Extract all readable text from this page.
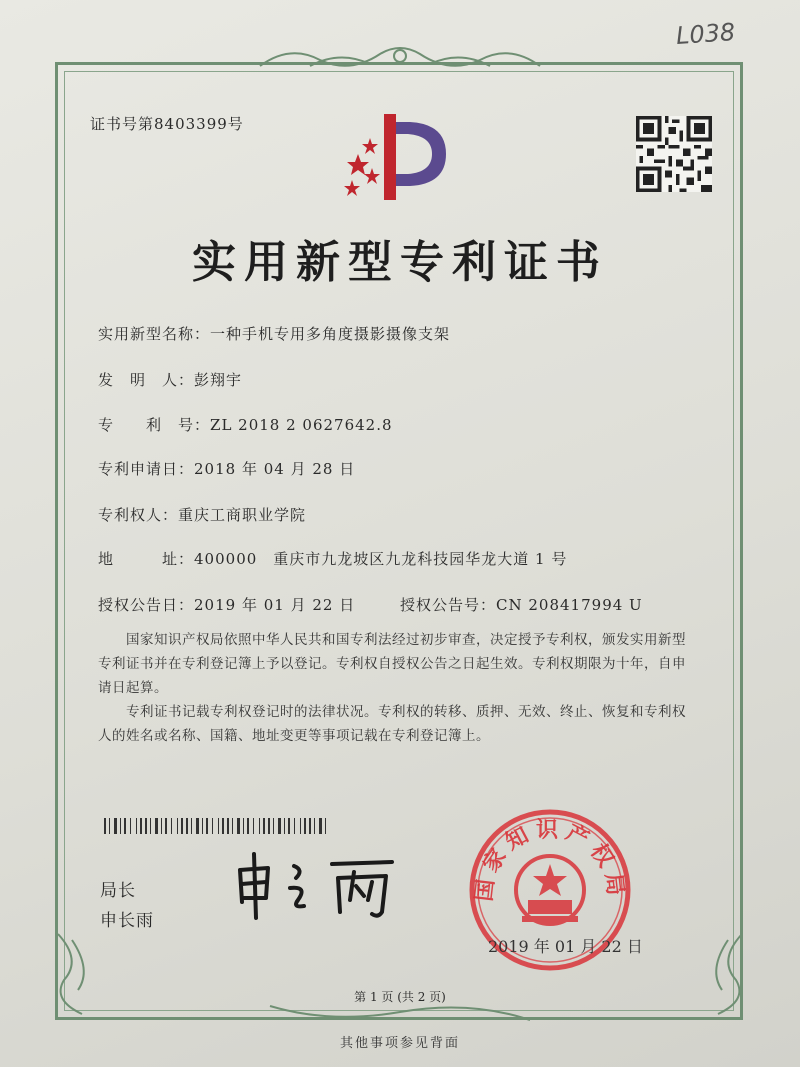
L038
证书号第8403399号
实用新型专利证书
实用新型名称：一种手机专用多角度摄影摄像支架
发　明　人：彭翔宇
专　　利　号：ZL 2018 2 0627642.8
专利申请日：2018 年 04 月 28 日
专利权人：重庆工商职业学院
地　　　址：400000　重庆市九龙坡区九龙科技园华龙大道 1 号
授权公告日：2019 年 01 月 22 日	授权公告号：CN 208417994 U
国家知识产权局依照中华人民共和国专利法经过初步审查，决定授予专利权，颁发实用新型专利证书并在专利登记簿上予以登记。专利权自授权公告之日起生效。专利权期限为十年，自申请日起算。
专利证书记载专利权登记时的法律状况。专利权的转移、质押、无效、终止、恢复和专利权人的姓名或名称、国籍、地址变更等事项记载在专利登记簿上。
局长
申长雨
国家知识产权局
2019 年 01 月 22 日
第 1 页 (共 2 页)
其他事项参见背面
